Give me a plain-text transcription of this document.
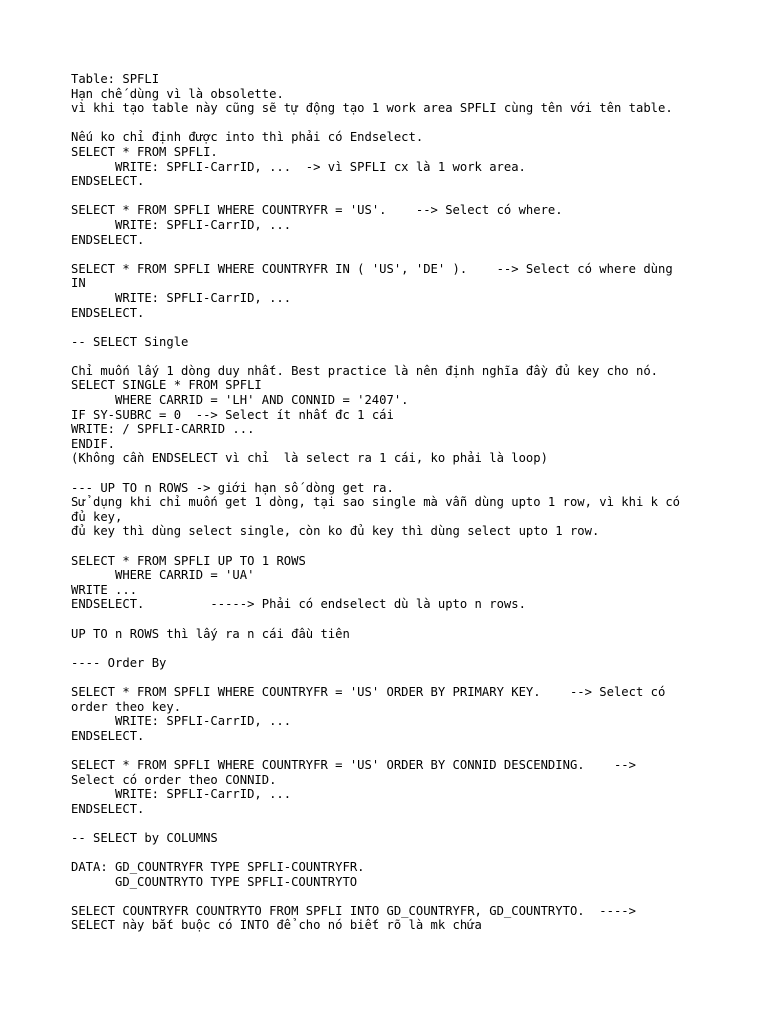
Table: SPFLI
Hạn chế dùng vì là obsolette.
vì khi tạo table này cũng sẽ tự động tạo 1 work area SPFLI cùng tên với tên table.
Nếu ko chỉ định được into thì phải có Endselect.
SELECT * FROM SPFLI.
WRITE: SPFLI-CarrID, ...  -> vì SPFLI cx là 1 work area.
ENDSELECT.
SELECT * FROM SPFLI WHERE COUNTRYFR = 'US'.    --> Select có where.
WRITE: SPFLI-CarrID, ...
ENDSELECT.
SELECT * FROM SPFLI WHERE COUNTRYFR IN ( 'US', 'DE' ).    --> Select có where dùng
IN
WRITE: SPFLI-CarrID, ...
ENDSELECT.
-- SELECT Single
Chỉ muốn lấy 1 dòng duy nhất. Best practice là nên định nghĩa đầy đủ key cho nó.
SELECT SINGLE * FROM SPFLI
WHERE CARRID = 'LH' AND CONNID = '2407'.
IF SY-SUBRC = 0  --> Select ít nhất đc 1 cái
WRITE: / SPFLI-CARRID ...
ENDIF.
(Không cần ENDSELECT vì chỉ  là select ra 1 cái, ko phải là loop)
--- UP TO n ROWS -> giới hạn số dòng get ra.
Sử dụng khi chỉ muốn get 1 dòng, tại sao single mà vẫn dùng upto 1 row, vì khi k có
đủ key,
đủ key thì dùng select single, còn ko đủ key thì dùng select upto 1 row.
SELECT * FROM SPFLI UP TO 1 ROWS
WHERE CARRID = 'UA'
WRITE ...
ENDSELECT.         -----> Phải có endselect dù là upto n rows.
UP TO n ROWS thì lấy ra n cái đầu tiên
---- Order By
SELECT * FROM SPFLI WHERE COUNTRYFR = 'US' ORDER BY PRIMARY KEY.    --> Select có
order theo key.
WRITE: SPFLI-CarrID, ...
ENDSELECT.
SELECT * FROM SPFLI WHERE COUNTRYFR = 'US' ORDER BY CONNID DESCENDING.    -->
Select có order theo CONNID.
WRITE: SPFLI-CarrID, ...
ENDSELECT.
-- SELECT by COLUMNS
DATA: GD_COUNTRYFR TYPE SPFLI-COUNTRYFR.
GD_COUNTRYTO TYPE SPFLI-COUNTRYTO
SELECT COUNTRYFR COUNTRYTO FROM SPFLI INTO GD_COUNTRYFR, GD_COUNTRYTO.  ---->
SELECT này bắt buộc có INTO để cho nó biết rõ là mk chứa
